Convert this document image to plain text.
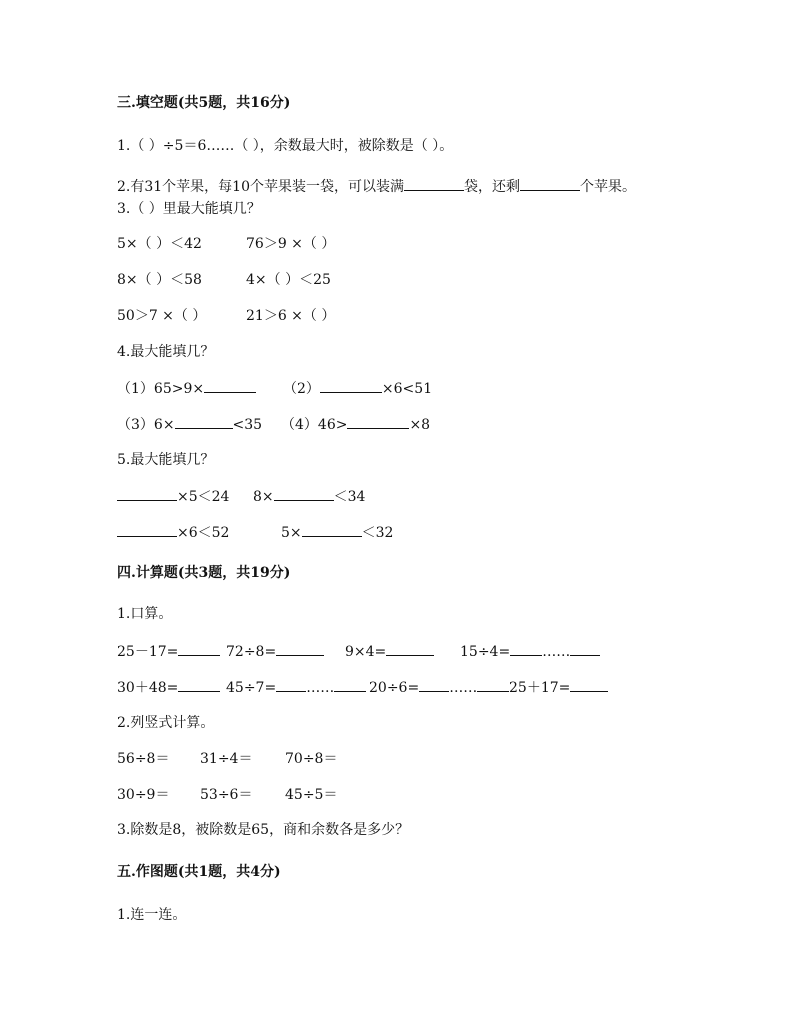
三.填空题(共5题，共16分)
1.（ ）÷5＝6……（ ），余数最大时，被除数是（ ）。
2.有31个苹果，每10个苹果装一袋，可以装满	袋，还剩	个苹果。
3.（ ）里最大能填几？
5×（ ）＜42	76＞9 ×（ ）
8×（ ）＜58	4×（ ）＜25
50＞7 ×（ ）	21＞6 ×（ ）
4.最大能填几？
（1）65>9×	（2）	×6<51
（3）6×	<35 （4）46>	×8
5.最大能填几？
×5＜24 8×	＜34
×6＜52	5×	＜32
四.计算题(共3题，共19分)
1.口算。
25－17=	72÷8=	9×4=	15÷4= ……
30＋48=	45÷7= ……	20÷6= ……	25＋17=
2.列竖式计算。
56÷8＝ 31÷4＝ 70÷8＝
30÷9＝ 53÷6＝ 45÷5＝
3.除数是8，被除数是65，商和余数各是多少？
五.作图题(共1题，共4分)
1.连一连。
